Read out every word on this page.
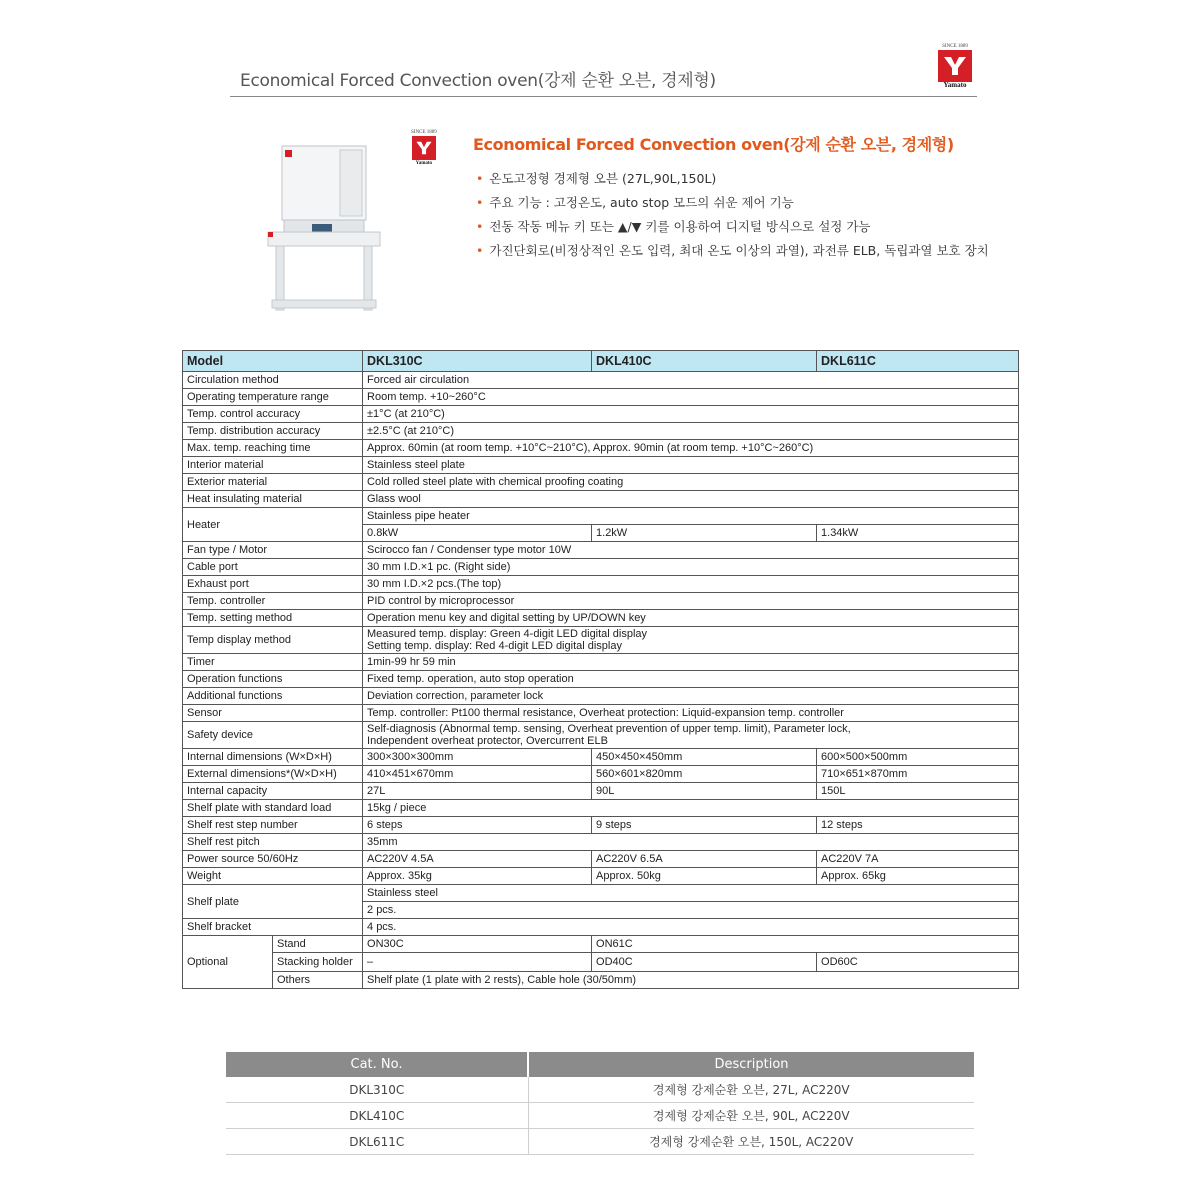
Economical Forced Convection oven(강제 순환 오븐, 경제형)
SINCE 1889
Yamato
SINCE 1889
Yamato
Economical Forced Convection oven(강제 순환 오븐, 경제형)
• 온도고정형 경제형 오븐 (27L,90L,150L)
• 주요 기능 : 고정온도, auto stop 모드의 쉬운 제어 기능
• 전동 작동 메뉴 키 또는 ▲/▼ 키를 이용하여 디지털 방식으로 설정 가능
• 가진단회로(비정상적인 온도 입력, 최대 온도 이상의 과열), 과전류 ELB, 독립과열 보호 장치
Model		DKL310C	DKL410C	DKL611C
Circulation method		Forced air circulation		
Operating temperature range		Room temp. +10~260°C		
Temp. control accuracy		±1°C (at 210°C)		
Temp. distribution accuracy		±2.5°C (at 210°C)		
Max. temp. reaching time		Approx. 60min (at room temp. +10°C~210°C), Approx. 90min (at room temp. +10°C~260°C)		
Interior material		Stainless steel plate		
Exterior material		Cold rolled steel plate with chemical proofing coating		
Heat insulating material		Glass wool		
Heater		Stainless pipe heater		
		0.8kW	1.2kW	1.34kW
Fan type / Motor		Scirocco fan / Condenser type motor 10W		
Cable port		30 mm I.D.×1 pc. (Right side)		
Exhaust port		30 mm I.D.×2 pcs.(The top)		
Temp. controller		PID control by microprocessor		
Temp. setting method		Operation menu key and digital setting by UP/DOWN key		
Temp display method		Measured temp. display: Green 4-digit LED digital display
Setting temp. display: Red 4-digit LED digital display		
Timer		1min-99 hr 59 min		
Operation functions		Fixed temp. operation, auto stop operation		
Additional functions		Deviation correction, parameter lock		
Sensor		Temp. controller: Pt100 thermal resistance, Overheat protection: Liquid-expansion temp. controller		
Safety device		Self-diagnosis (Abnormal temp. sensing, Overheat prevention of upper temp. limit), Parameter lock,
Independent overheat protector, Overcurrent ELB		
Internal dimensions (W×D×H)		300×300×300mm	450×450×450mm	600×500×500mm
External dimensions*(W×D×H)		410×451×670mm	560×601×820mm	710×651×870mm
Internal capacity		27L	90L	150L
Shelf plate with standard load		15kg / piece		
Shelf rest step number		6 steps	9 steps	12 steps
Shelf rest pitch		35mm		
Power source 50/60Hz		AC220V 4.5A	AC220V 6.5A	AC220V 7A
Weight		Approx. 35kg	Approx. 50kg	Approx. 65kg
Shelf plate		Stainless steel		
		2 pcs.		
Shelf bracket		4 pcs.		
Optional	Stand	ON30C	ON61C	
	Stacking holder	–	OD40C	OD60C
	Others	Shelf plate (1 plate with 2 rests), Cable hole (30/50mm)		
Cat. No.	Description
DKL310C	경제형 강제순환 오븐, 27L, AC220V
DKL410C	경제형 강제순환 오븐, 90L, AC220V
DKL611C	경제형 강제순환 오븐, 150L, AC220V
